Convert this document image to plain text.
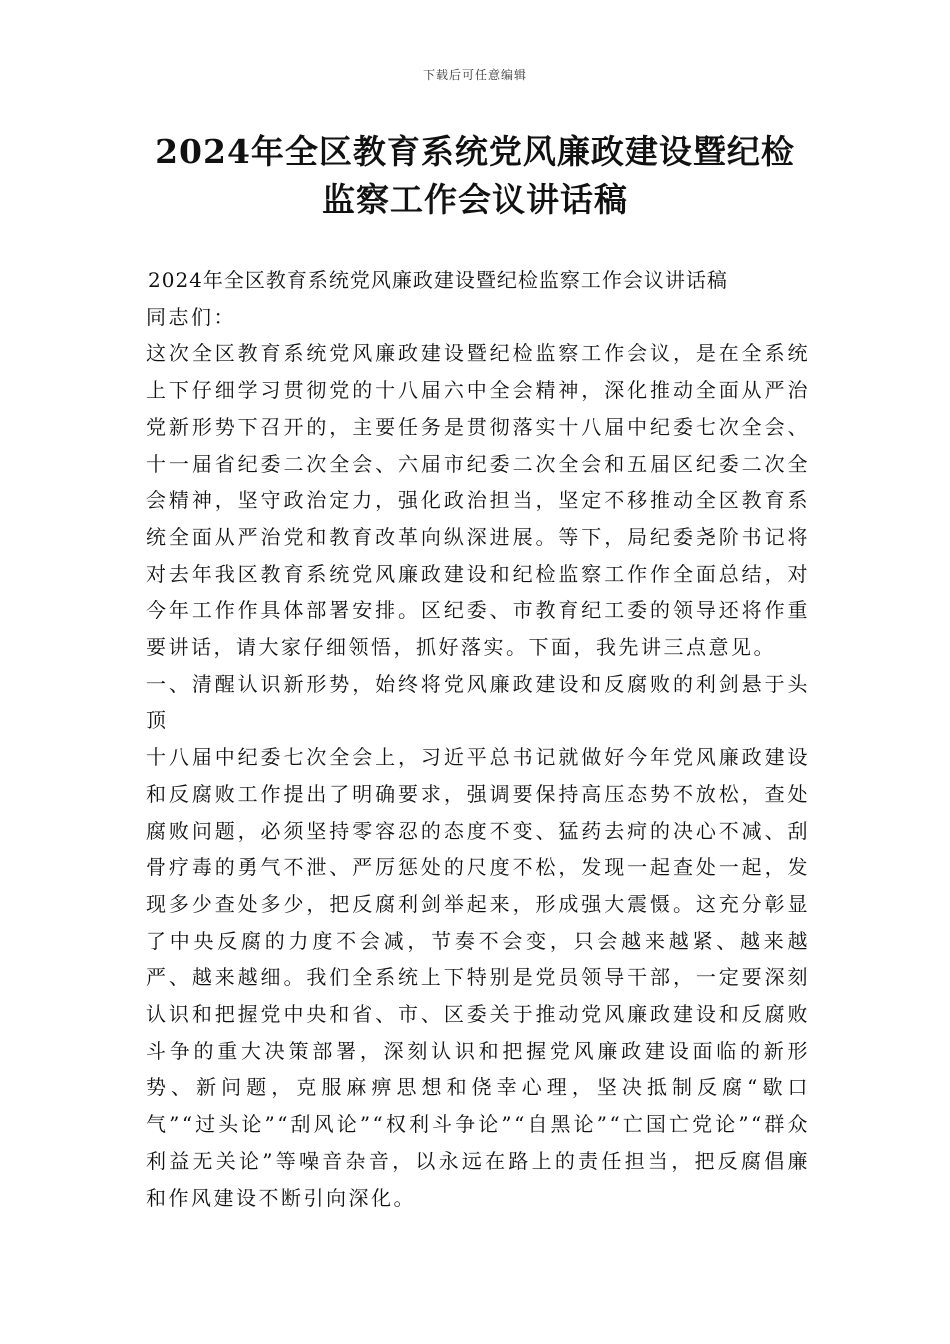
下载后可任意编辑
2024年全区教育系统党风廉政建设暨纪检
监察工作会议讲话稿

2024年全区教育系统党风廉政建设暨纪检监察工作会议讲话稿

同志们：

这次全区教育系统党风廉政建设暨纪检监察工作会议，是在全系统上下仔细学习贯彻党的十八届六中全会精神，深化推动全面从严治党新形势下召开的，主要任务是贯彻落实十八届中纪委七次全会、十一届省纪委二次全会、六届市纪委二次全会和五届区纪委二次全会精神，坚守政治定力，强化政治担当，坚定不移推动全区教育系统全面从严治党和教育改革向纵深进展。等下，局纪委尧阶书记将对去年我区教育系统党风廉政建设和纪检监察工作作全面总结，对今年工作作具体部署安排。区纪委、市教育纪工委的领导还将作重要讲话，请大家仔细领悟，抓好落实。下面，我先讲三点意见。

一、清醒认识新形势，始终将党风廉政建设和反腐败的利剑悬于头顶

十八届中纪委七次全会上，习近平总书记就做好今年党风廉政建设和反腐败工作提出了明确要求，强调要保持高压态势不放松，查处腐败问题，必须坚持零容忍的态度不变、猛药去疴的决心不减、刮骨疗毒的勇气不泄、严厉惩处的尺度不松，发现一起查处一起，发现多少查处多少，把反腐利剑举起来，形成强大震慑。这充分彰显了中央反腐的力度不会减，节奏不会变，只会越来越紧、越来越严、越来越细。我们全系统上下特别是党员领导干部，一定要深刻认识和把握党中央和省、市、区委关于推动党风廉政建设和反腐败斗争的重大决策部署，深刻认识和把握党风廉政建设面临的新形势、新问题，克服麻痹思想和侥幸心理，坚决抵制反腐“歇口气”“过头论”“刮风论”“权利斗争论”“自黑论”“亡国亡党论”“群众利益无关论”等噪音杂音，以永远在路上的责任担当，把反腐倡廉和作风建设不断引向深化。
